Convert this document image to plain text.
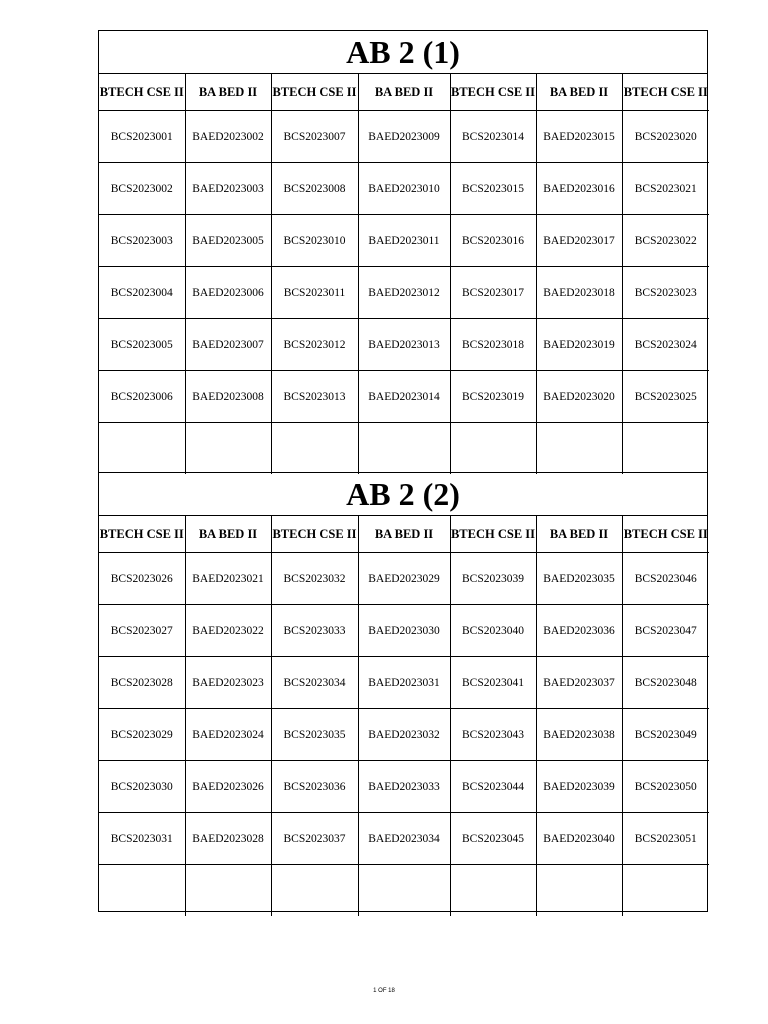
AB 2 (1)
BTECH CSE II	BA BED II	BTECH CSE II	BA BED II	BTECH CSE II	BA BED II	BTECH CSE II
BCS2023001	BAED2023002	BCS2023007	BAED2023009	BCS2023014	BAED2023015	BCS2023020
BCS2023002	BAED2023003	BCS2023008	BAED2023010	BCS2023015	BAED2023016	BCS2023021
BCS2023003	BAED2023005	BCS2023010	BAED2023011	BCS2023016	BAED2023017	BCS2023022
BCS2023004	BAED2023006	BCS2023011	BAED2023012	BCS2023017	BAED2023018	BCS2023023
BCS2023005	BAED2023007	BCS2023012	BAED2023013	BCS2023018	BAED2023019	BCS2023024
BCS2023006	BAED2023008	BCS2023013	BAED2023014	BCS2023019	BAED2023020	BCS2023025

AB 2 (2)
BTECH CSE II	BA BED II	BTECH CSE II	BA BED II	BTECH CSE II	BA BED II	BTECH CSE II
BCS2023026	BAED2023021	BCS2023032	BAED2023029	BCS2023039	BAED2023035	BCS2023046
BCS2023027	BAED2023022	BCS2023033	BAED2023030	BCS2023040	BAED2023036	BCS2023047
BCS2023028	BAED2023023	BCS2023034	BAED2023031	BCS2023041	BAED2023037	BCS2023048
BCS2023029	BAED2023024	BCS2023035	BAED2023032	BCS2023043	BAED2023038	BCS2023049
BCS2023030	BAED2023026	BCS2023036	BAED2023033	BCS2023044	BAED2023039	BCS2023050
BCS2023031	BAED2023028	BCS2023037	BAED2023034	BCS2023045	BAED2023040	BCS2023051

1 OF 18
